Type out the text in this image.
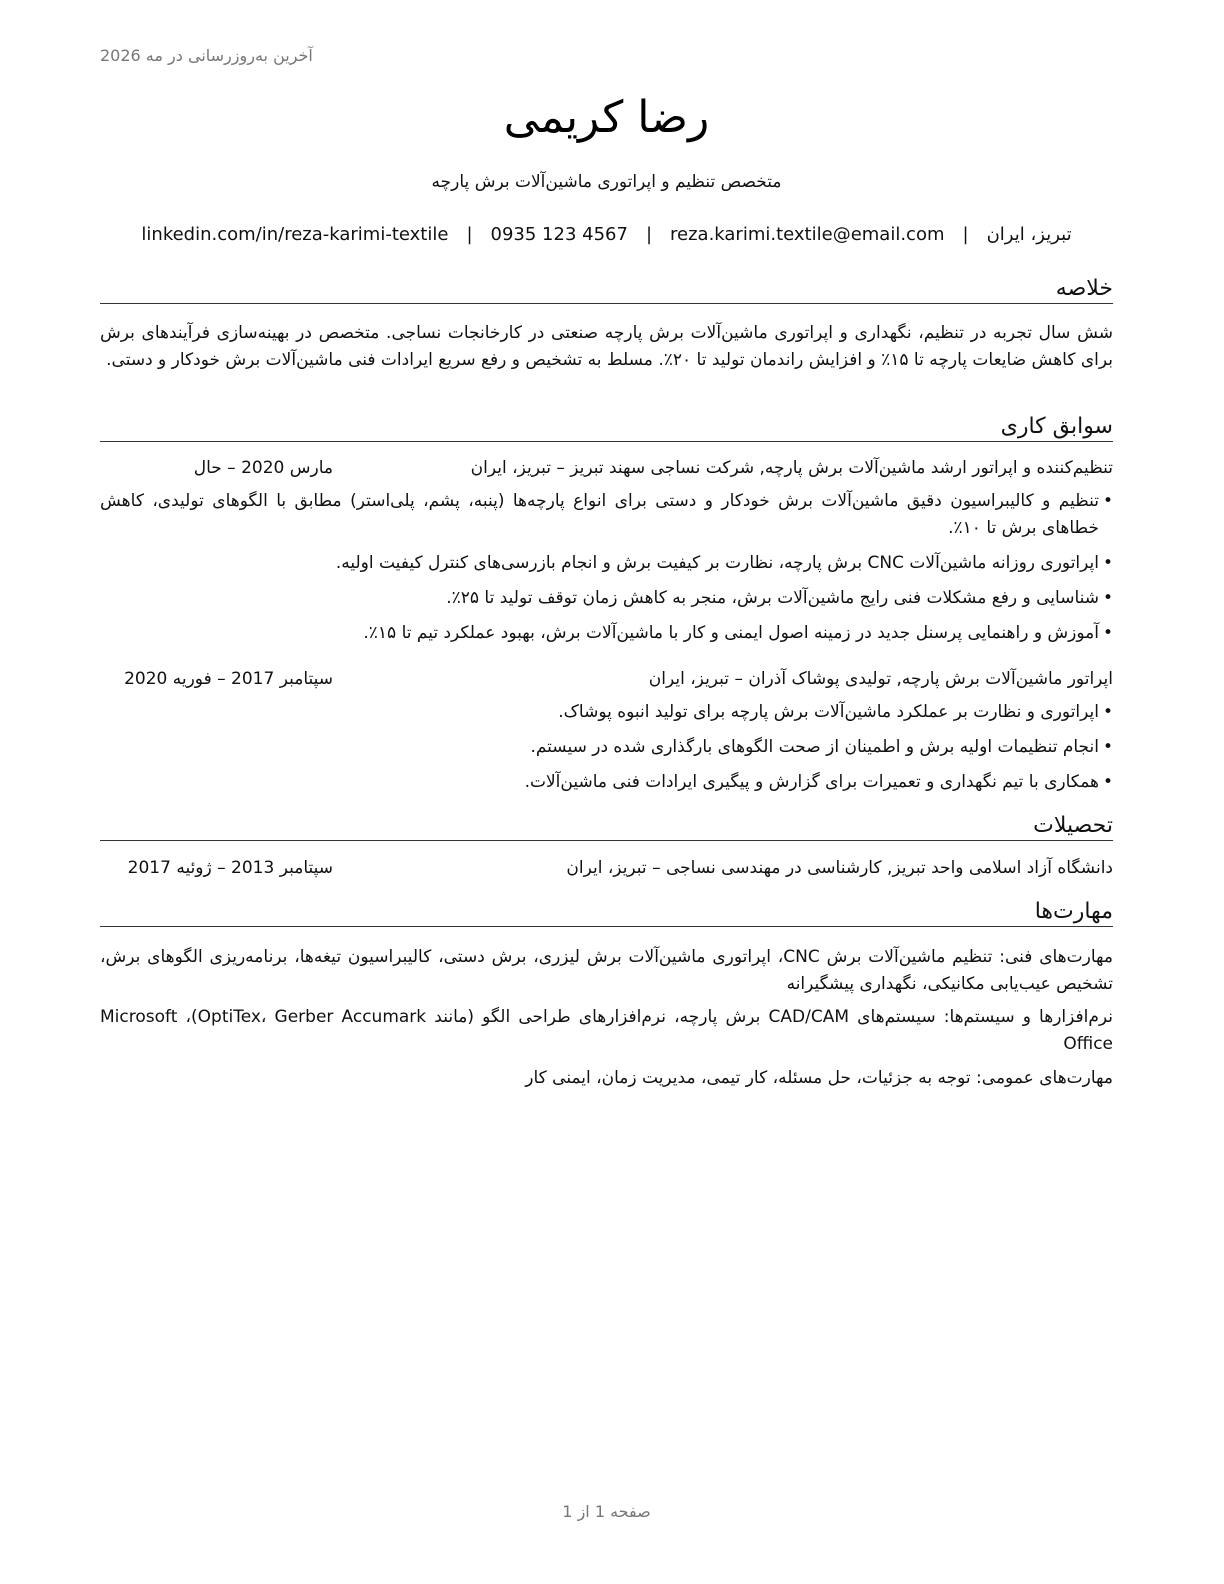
آخرین به‌روزرسانی در مه 2026
رضا کریمی
متخصص تنظیم و اپراتوری ماشین‌آلات برش پارچه
تبریز، ایران|reza.karimi.textile@email.com|0935 123 4567|linkedin.com/in/reza-karimi-textile
خلاصه
شش سال تجربه در تنظیم، نگهداری و اپراتوری ماشین‌آلات برش پارچه صنعتی در کارخانجات نساجی. متخصص در بهینه‌سازی فرآیندهای برش برای کاهش ضایعات پارچه تا ۱۵٪ و افزایش راندمان تولید تا ۲۰٪. مسلط به تشخیص و رفع سریع ایرادات فنی ماشین‌آلات برش خودکار و دستی.
سوابق کاری
تنظیم‌کننده و اپراتور ارشد ماشین‌آلات برش پارچه, شرکت نساجی سهند تبریز – تبریز، ایران
مارس 2020 – حال
• تنظیم و کالیبراسیون دقیق ماشین‌آلات برش خودکار و دستی برای انواع پارچه‌ها (پنبه، پشم، پلی‌استر) مطابق با الگوهای تولیدی، کاهش خطاهای برش تا ۱۰٪.
• اپراتوری روزانه ماشین‌آلات CNC برش پارچه، نظارت بر کیفیت برش و انجام بازرسی‌های کنترل کیفیت اولیه.
• شناسایی و رفع مشکلات فنی رایج ماشین‌آلات برش، منجر به کاهش زمان توقف تولید تا ۲۵٪.
• آموزش و راهنمایی پرسنل جدید در زمینه اصول ایمنی و کار با ماشین‌آلات برش، بهبود عملکرد تیم تا ۱۵٪.
اپراتور ماشین‌آلات برش پارچه, تولیدی پوشاک آذران – تبریز، ایران
سپتامبر 2017 – فوریه 2020
• اپراتوری و نظارت بر عملکرد ماشین‌آلات برش پارچه برای تولید انبوه پوشاک.
• انجام تنظیمات اولیه برش و اطمینان از صحت الگوهای بارگذاری شده در سیستم.
• همکاری با تیم نگهداری و تعمیرات برای گزارش و پیگیری ایرادات فنی ماشین‌آلات.
تحصیلات
دانشگاه آزاد اسلامی واحد تبریز, کارشناسی در مهندسی نساجی – تبریز، ایران
سپتامبر 2013 – ژوئیه 2017
مهارت‌ها
مهارت‌های فنی: تنظیم ماشین‌آلات برش CNC، اپراتوری ماشین‌آلات برش لیزری، برش دستی، کالیبراسیون تیغه‌ها، برنامه‌ریزی الگوهای برش، تشخیص عیب‌یابی مکانیکی، نگهداری پیشگیرانه
نرم‌افزارها و سیستم‌ها: سیستم‌های CAD/CAM برش پارچه، نرم‌افزارهای طراحی الگو (مانند OptiTex، Gerber Accumark)، Microsoft Office
مهارت‌های عمومی: توجه به جزئیات، حل مسئله، کار تیمی، مدیریت زمان، ایمنی کار
صفحه 1 از 1
